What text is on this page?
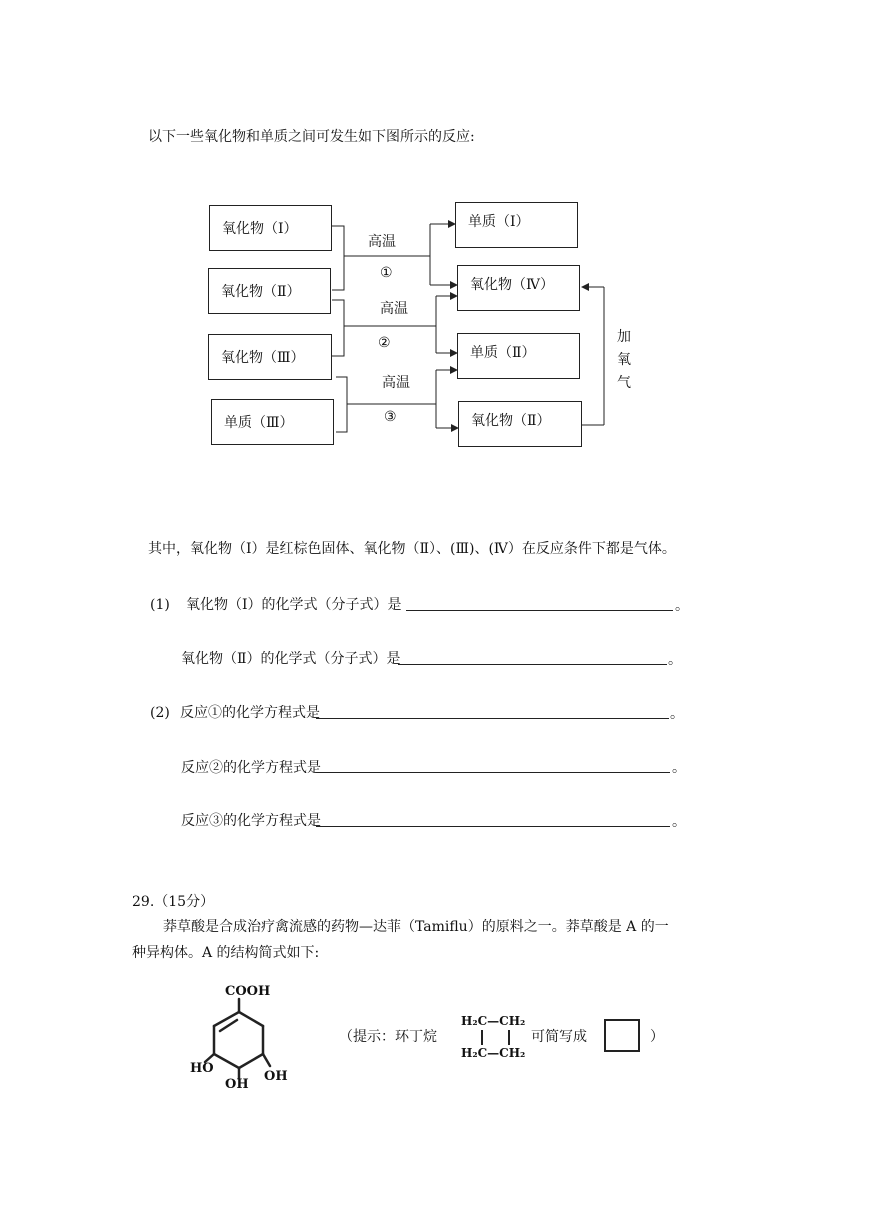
以下一些氧化物和单质之间可发生如下图所示的反应:
氧化物（Ⅰ）
氧化物（Ⅱ）
氧化物（Ⅲ）
单质（Ⅲ）
单质（Ⅰ）
氧化物（Ⅳ）
单质（Ⅱ）
氧化物（Ⅱ）
高温
①
高温
②
高温
③
加
氧
气
其中，氧化物（Ⅰ）是红棕色固体、氧化物（Ⅱ）、(Ⅲ)、(Ⅳ）在反应条件下都是气体。
(1) 氧化物（Ⅰ）的化学式（分子式）是	。
氧化物（Ⅱ）的化学式（分子式）是	。
(2) 反应①的化学方程式是	。
反应②的化学方程式是	。
反应③的化学方程式是	。
29.（15分）
莽草酸是合成治疗禽流感的药物—达菲（Tamiflu）的原料之一。莽草酸是 A 的一
种异构体。A 的结构简式如下:
COOH
HO
OH
OH
（提示：环丁烷
H₂C—CH₂
H₂C—CH₂
可简写成	）
